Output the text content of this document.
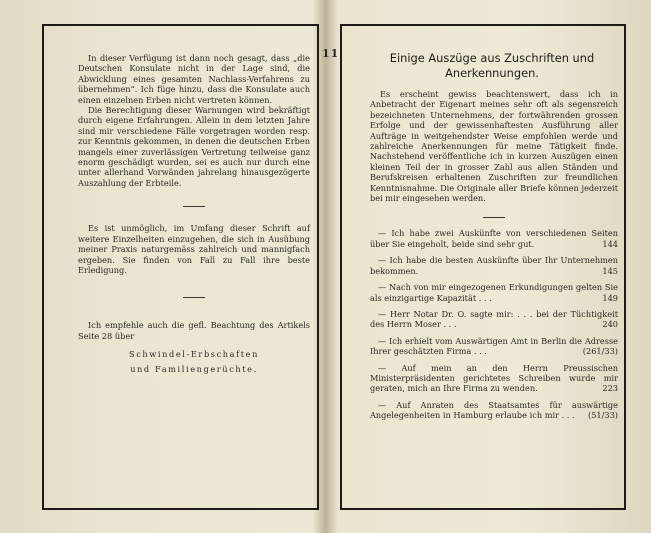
In dieser Verfügung ist dann noch gesagt, dass „die Deutschen Konsulate nicht in der Lage sind, die Abwicklung eines gesamten Nachlass-Verfahrens zu übernehmen“. Ich füge hinzu, dass die Konsulate auch einen einzelnen Erben nicht vertreten können.

Die Berechtigung dieser Warnungen wird bekräftigt durch eigene Erfahrungen. Allein in dem letzten Jahre sind mir verschiedene Fälle vorgetragen worden resp. zur Kenntnis gekommen, in denen die deutschen Erben mangels einer zuverlässigen Vertretung teilweise ganz enorm geschädigt wurden, sei es auch nur durch eine unter allerhand Vorwänden jahrelang hinausgezögerte Auszahlung der Erbteile.

Es ist unmöglich, im Umfang dieser Schrift auf weitere Einzelheiten einzugehen, die sich in Ausübung meiner Praxis naturgemäss zahlreich und mannigfach ergeben. Sie finden von Fall zu Fall ihre beste Erledigung.

Ich empfehle auch die gefl. Beachtung des Artikels Seite 28 über

Schwindel-Erbschaften

und Familiengerüchte.

11	Einige Auszüge aus Zuschriften und
Anerkennungen.

Es erscheint gewiss beachtenswert, dass ich in Anbetracht der Eigenart meines sehr oft als segensreich bezeichneten Unternehmens, der fortwährenden grossen Erfolge und der gewissenhaftesten Ausführung aller Aufträge in weitgehendster Weise empfohlen werde und zahlreiche Anerkennungen für meine Tätigkeit finde. Nachstehend veröffentliche ich in kurzen Auszügen einen kleinen Teil der in grosser Zahl aus allen Ständen und Berufskreisen erhaltenen Zuschriften zur freundlichen Kenntnisnahme. Die Originale aller Briefe können jederzeit bei mir eingesehen werden.

— Ich habe zwei Auskünfte von verschiedenen Seiten über Sie eingeholt, beide sind sehr gut.	144

— Ich habe die besten Auskünfte über Ihr Unternehmen bekommen.	145

— Nach von mir eingezogenen Erkundigungen gelten Sie als einzigartige Kapazität . . .	149

— Herr Notar Dr. O. sagte mir: . . . bei der Tüchtigkeit des Herrn Moser . . .	240

— Ich erhielt vom Auswärtigen Amt in Berlin die Adresse Ihrer geschätzten Firma . . .	(261/33)

— Auf mein an den Herrn Preussischen Ministerpräsidenten gerichtetes Schreiben wurde mir geraten, mich an Ihre Firma zu wenden.	223

— Auf Anraten des Staatsamtes für auswärtige Angelegenheiten in Hamburg erlaube ich mir . . .	(51/33)
